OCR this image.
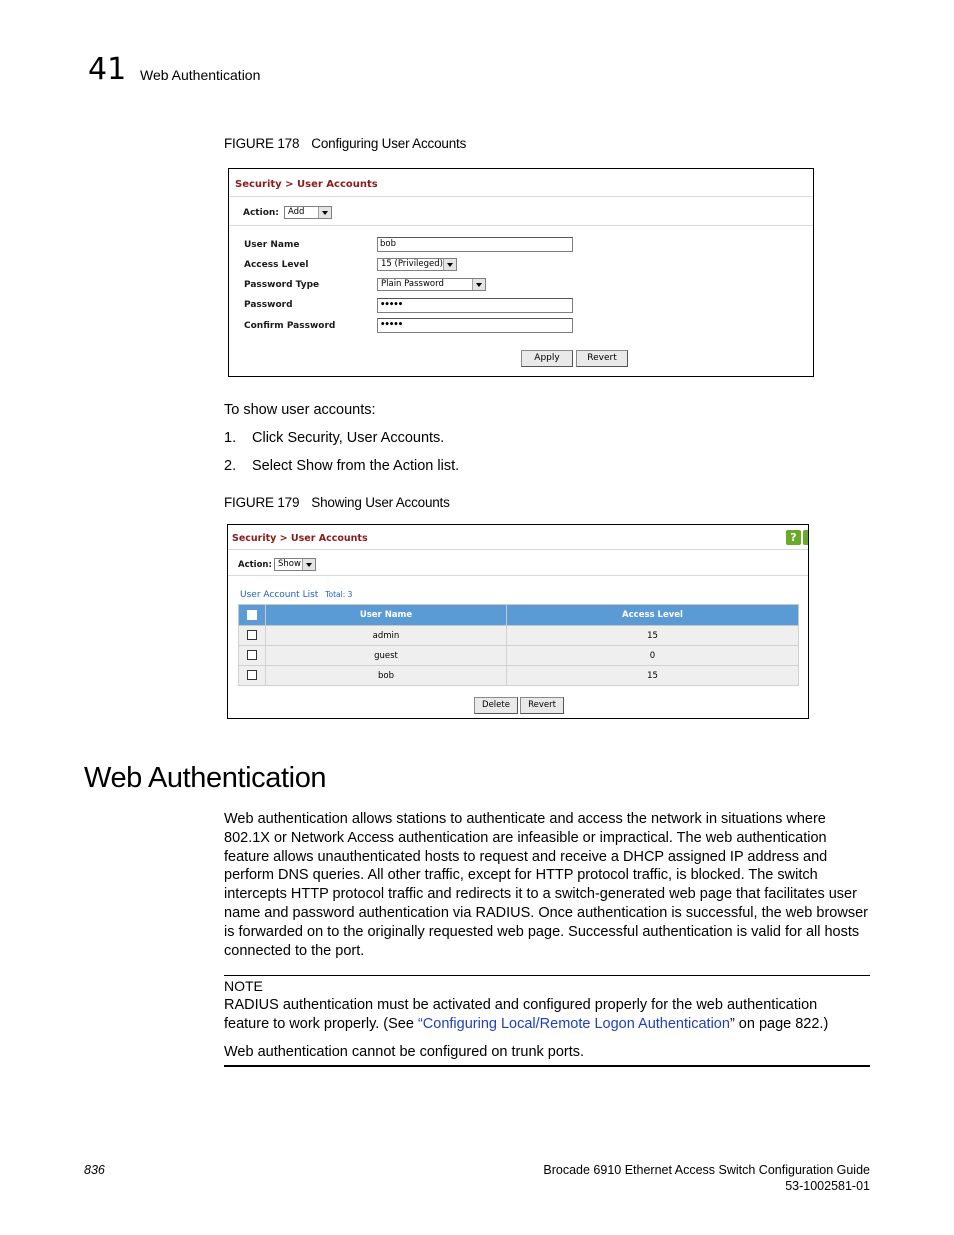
41 Web Authentication
FIGURE 178 Configuring User Accounts
Security > User Accounts
Action:	Add
User Name	bob
Access Level	15 (Privileged)
Password Type	Plain Password
Password	•••••
Confirm Password	•••••
Apply	Revert
To show user accounts:
1. Click Security, User Accounts.
2. Select Show from the Action list.
FIGURE 179 Showing User Accounts
Security > User Accounts	?
Action: Show
User Account List Total: 3
	User Name	Access Level
	admin	15
	guest	0
	bob	15
Delete	Revert
Web Authentication
Web authentication allows stations to authenticate and access the network in situations where 802.1X or Network Access authentication are infeasible or impractical. The web authentication feature allows unauthenticated hosts to request and receive a DHCP assigned IP address and perform DNS queries. All other traffic, except for HTTP protocol traffic, is blocked. The switch intercepts HTTP protocol traffic and redirects it to a switch-generated web page that facilitates user name and password authentication via RADIUS. Once authentication is successful, the web browser is forwarded on to the originally requested web page. Successful authentication is valid for all hosts connected to the port.
NOTE
RADIUS authentication must be activated and configured properly for the web authentication feature to work properly. (See “Configuring Local/Remote Logon Authentication” on page 822.)
Web authentication cannot be configured on trunk ports.
836	Brocade 6910 Ethernet Access Switch Configuration Guide
53-1002581-01
